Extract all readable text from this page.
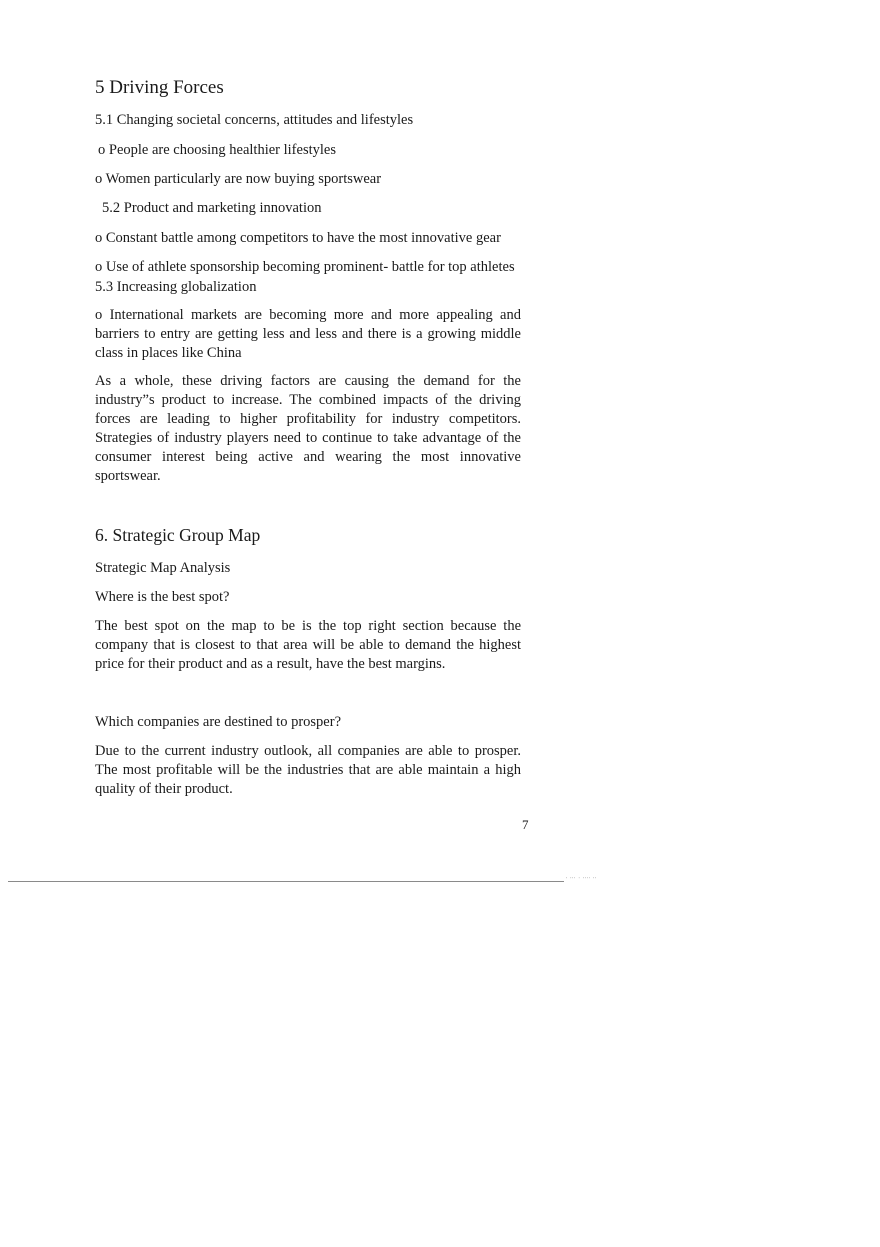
5 Driving Forces
5.1 Changing societal concerns, attitudes and lifestyles
o People are choosing healthier lifestyles
o Women particularly are now buying sportswear
5.2 Product and marketing innovation
o Constant battle among competitors to have the most innovative gear
o Use of athlete sponsorship becoming prominent- battle for top athletes
5.3 Increasing globalization
o International markets are becoming more and more appealing and barriers to entry are getting less and less and there is a growing middle class in places like China
As a whole, these driving factors are causing the demand for the industry”s product to increase. The combined impacts of the driving forces are leading to higher profitability for industry competitors. Strategies of industry players need to continue to take advantage of the consumer interest being active and wearing the most innovative sportswear.
6. Strategic Group Map
Strategic Map Analysis
Where is the best spot?
The best spot on the map to be is the top right section because the company that is closest to that area will be able to demand the highest price for their product and as a result, have the best margins.
Which companies are destined to prosper?
Due to the current industry outlook, all companies are able to prosper. The most profitable will be the industries that are able maintain a high quality of their product.
7
' ''' ' '''' ''
